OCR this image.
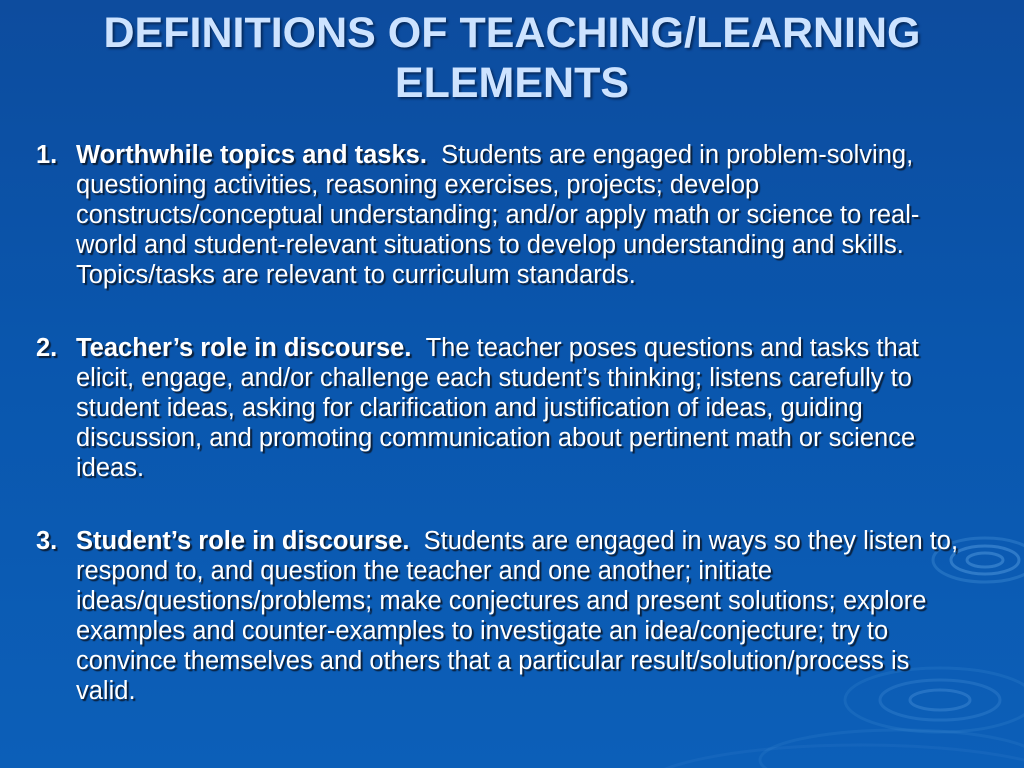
DEFINITIONS OF TEACHING/LEARNING
ELEMENTS

1. Worthwhile topics and tasks. Students are engaged in problem-solving, questioning activities, reasoning exercises, projects; develop constructs/conceptual understanding; and/or apply math or science to real-world and student-relevant situations to develop understanding and skills. Topics/tasks are relevant to curriculum standards.

2. Teacher’s role in discourse. The teacher poses questions and tasks that elicit, engage, and/or challenge each student’s thinking; listens carefully to student ideas, asking for clarification and justification of ideas, guiding discussion, and promoting communication about pertinent math or science ideas.

3. Student’s role in discourse. Students are engaged in ways so they listen to, respond to, and question the teacher and one another; initiate ideas/questions/problems; make conjectures and present solutions; explore examples and counter-examples to investigate an idea/conjecture; try to convince themselves and others that a particular result/solution/process is valid.
